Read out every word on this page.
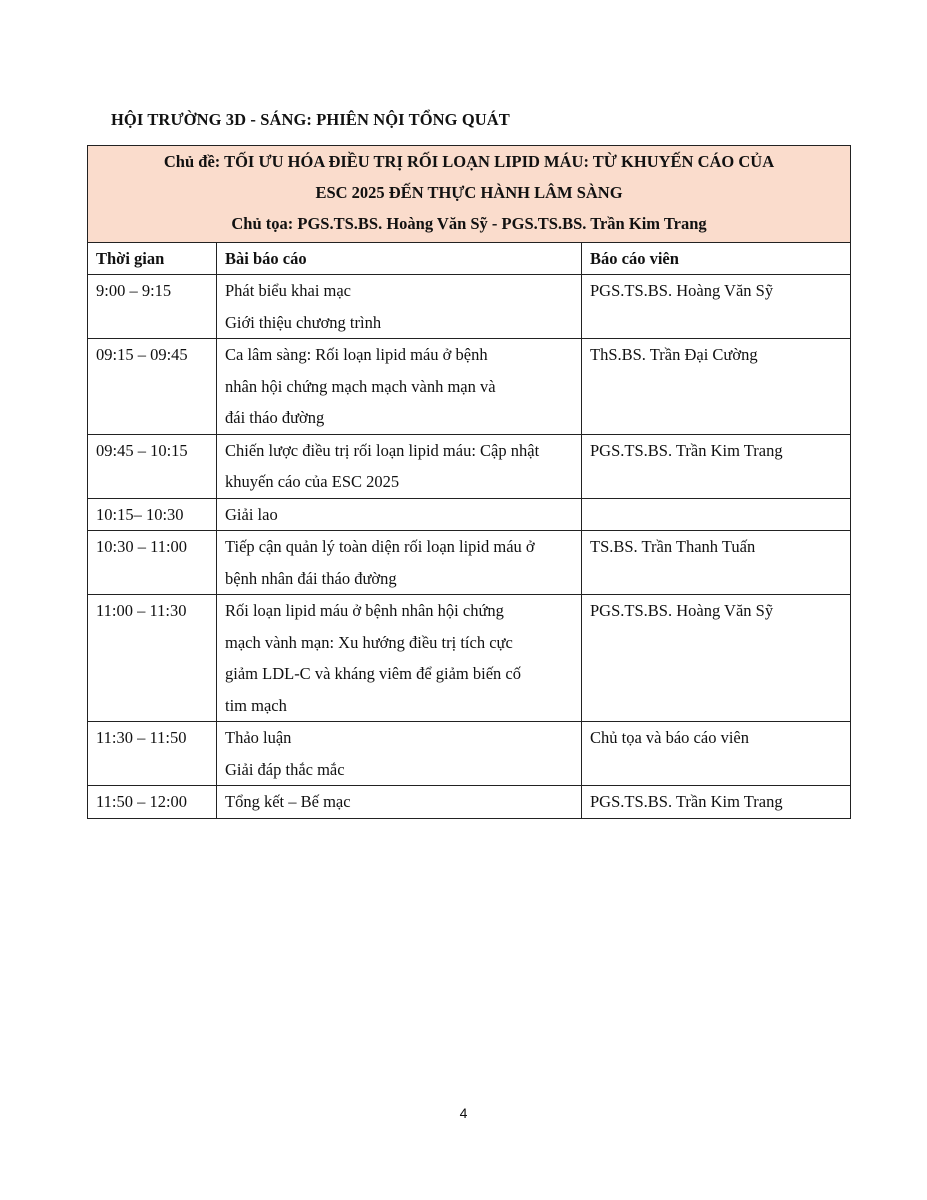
HỘI TRƯỜNG 3D - SÁNG: PHIÊN NỘI TỔNG QUÁT
Chủ đề: TỐI ƯU HÓA ĐIỀU TRỊ RỐI LOẠN LIPID MÁU: TỪ KHUYẾN CÁO CỦA
ESC 2025 ĐẾN THỰC HÀNH LÂM SÀNG
Chủ tọa: PGS.TS.BS. Hoàng Văn Sỹ - PGS.TS.BS. Trần Kim Trang		

Thời gian	Bài báo cáo	Báo cáo viên
9:00 – 9:15	Phát biểu khai mạc
Giới thiệu chương trình	PGS.TS.BS. Hoàng Văn Sỹ
09:15 – 09:45	Ca lâm sàng: Rối loạn lipid máu ở bệnh
nhân hội chứng mạch mạch vành mạn và
đái tháo đường	ThS.BS. Trần Đại Cường
09:45 – 10:15	Chiến lược điều trị rối loạn lipid máu: Cập nhật
khuyến cáo của ESC 2025	PGS.TS.BS. Trần Kim Trang
10:15– 10:30	Giải lao	

10:30 – 11:00	Tiếp cận quản lý toàn diện rối loạn lipid máu ở
bệnh nhân đái tháo đường	TS.BS. Trần Thanh Tuấn
11:00 – 11:30	Rối loạn lipid máu ở bệnh nhân hội chứng
mạch vành mạn: Xu hướng điều trị tích cực
giảm LDL-C và kháng viêm để giảm biến cố
tim mạch	PGS.TS.BS. Hoàng Văn Sỹ
11:30 – 11:50	Thảo luận
Giải đáp thắc mắc	Chủ tọa và báo cáo viên
11:50 – 12:00	Tổng kết – Bế mạc	PGS.TS.BS. Trần Kim Trang
4
